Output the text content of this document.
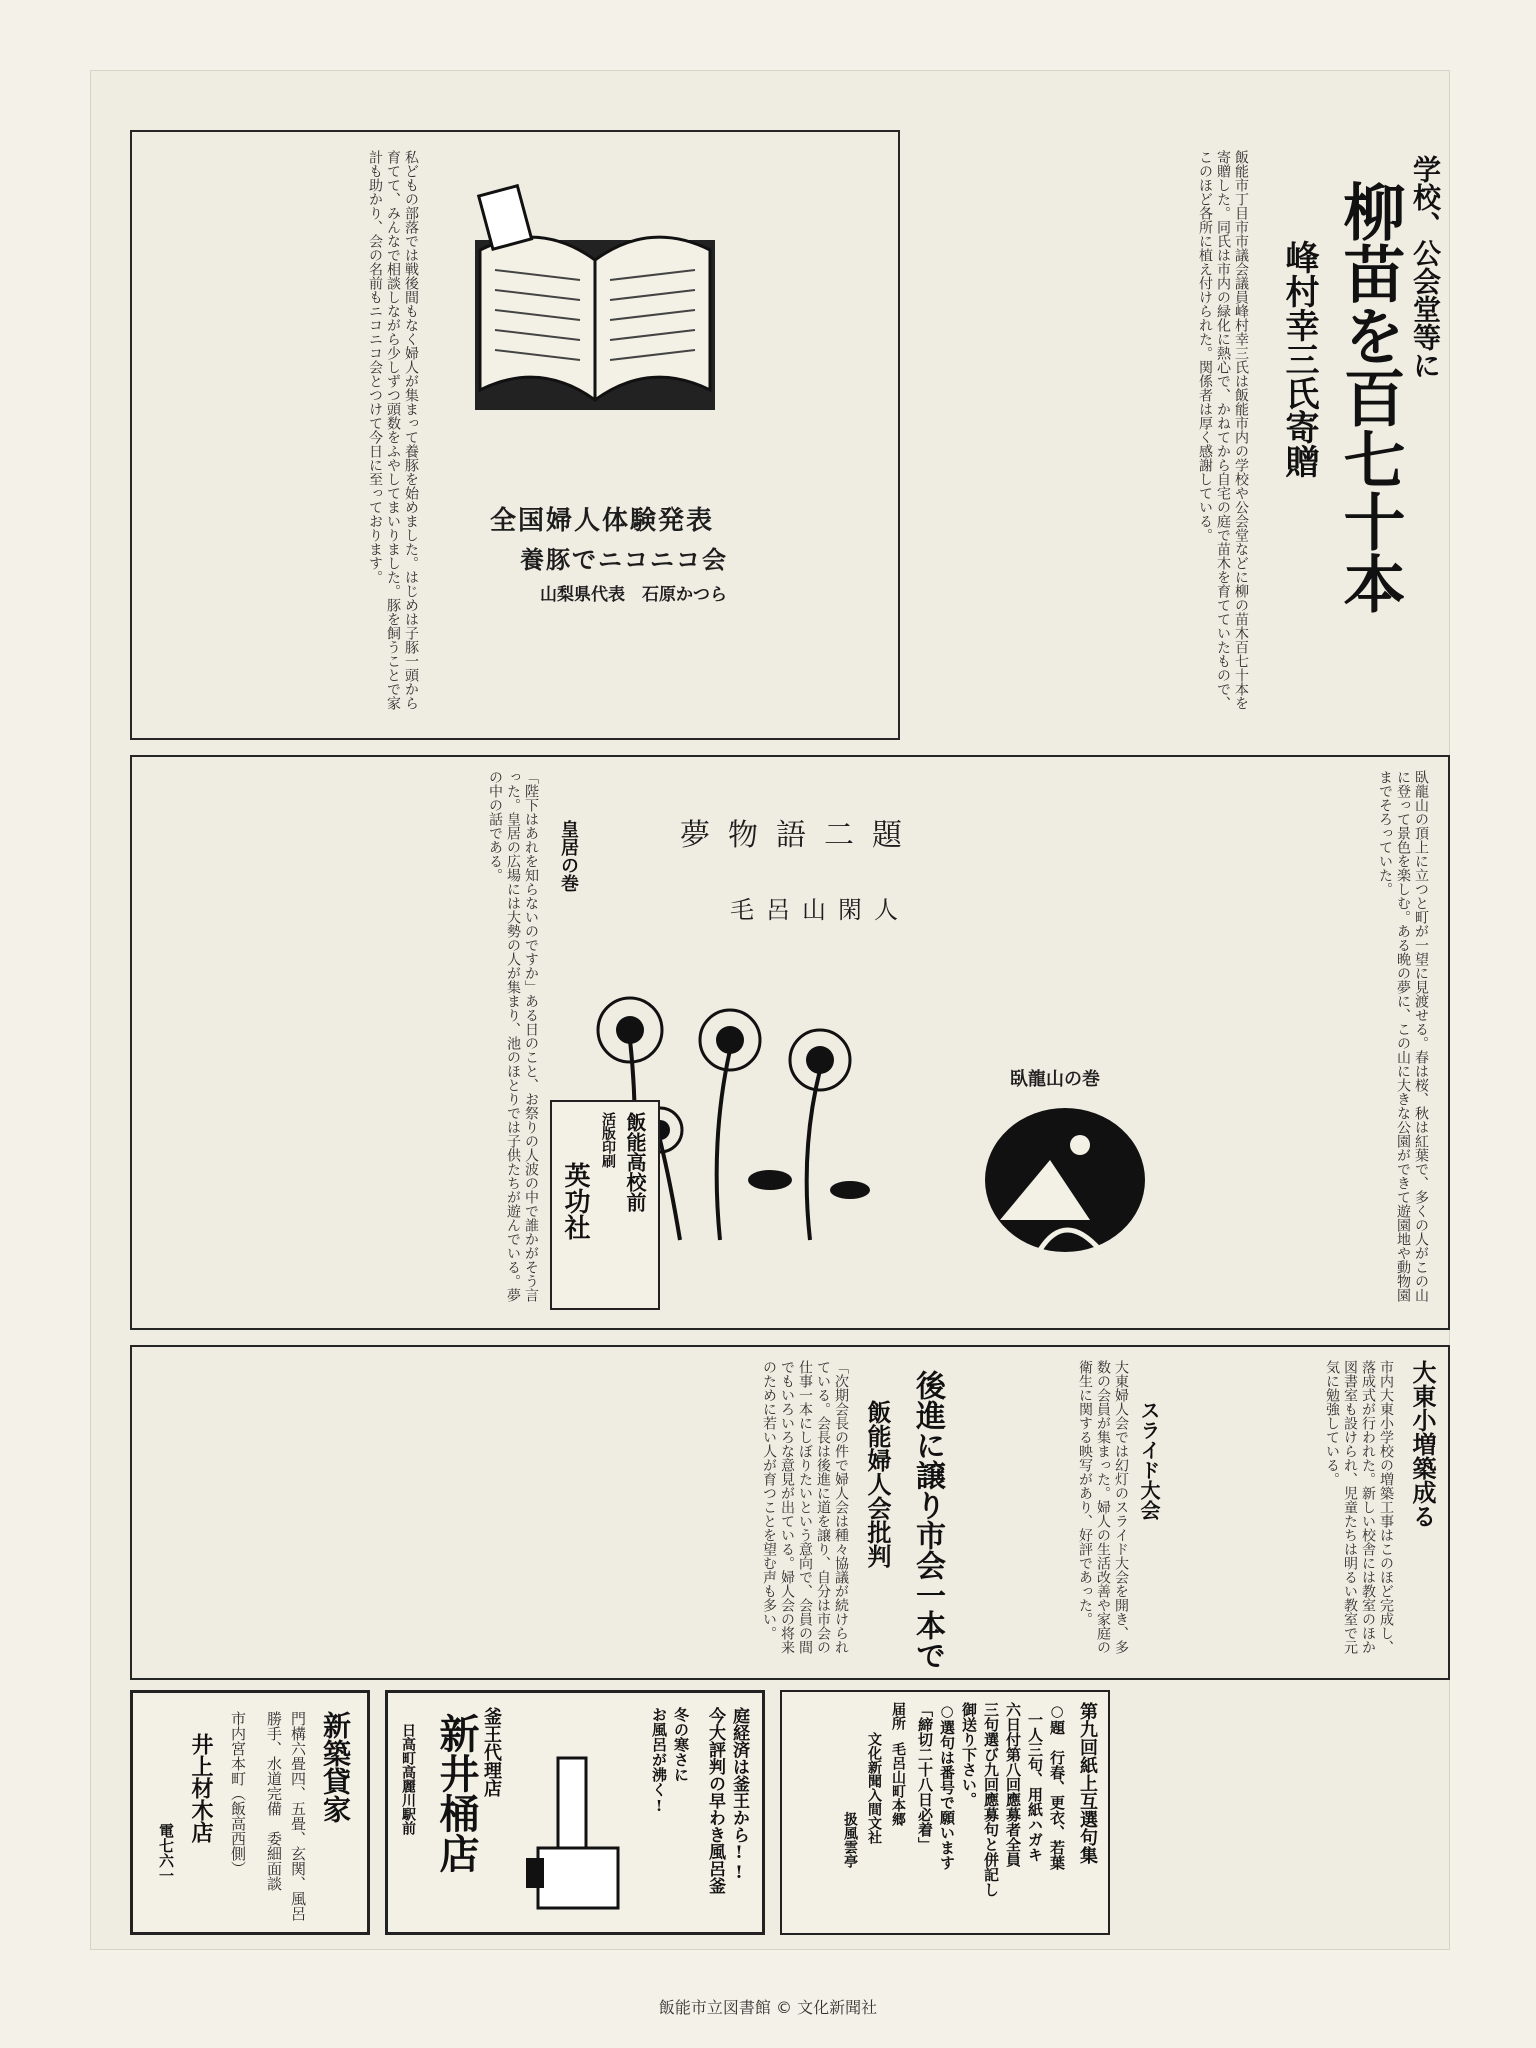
私どもの部落では戦後間もなく婦人が集まって養豚を始めました。はじめは子豚一頭から育てて、みんなで相談しながら少しずつ頭数をふやしてまいりました。豚を飼うことで家計も助かり、会の名前もニコニコ会とつけて今日に至っております。	全国婦人体験発表
養豚でニコニコ会
山梨県代表　石原かつら
学校、公会堂等に
柳苗を百七十本
峰村幸三氏寄贈
飯能市丁目市市議会議員峰村幸三氏は飯能市内の学校や公会堂などに柳の苗木百七十本を寄贈した。同氏は市内の緑化に熱心で、かねてから自宅の庭で苗木を育てていたもので、このほど各所に植え付けられた。関係者は厚く感謝している。
臥龍山の頂上に立つと町が一望に見渡せる。春は桜、秋は紅葉で、多くの人がこの山に登って景色を楽しむ。ある晩の夢に、この山に大きな公園ができて遊園地や動物園までそろっていた。
夢物語二題
毛呂山閑人
皇居の巻
「陛下はあれを知らないのですか」ある日のこと、お祭りの人波の中で誰かがそう言った。皇居の広場には大勢の人が集まり、池のほとりでは子供たちが遊んでいる。夢の中の話である。
臥龍山の巻
大東小増築成る
市内大東小学校の増築工事はこのほど完成し、落成式が行われた。新しい校舎には教室のほか図書室も設けられ、児童たちは明るい教室で元気に勉強している。
スライド大会
大東婦人会では幻灯のスライド大会を開き、多数の会員が集まった。婦人の生活改善や家庭の衛生に関する映写があり、好評であった。
後進に譲り市会一本で
飯能婦人会批判
「次期会長の件で婦人会は種々協議が続けられている。会長は後進に道を譲り、自分は市会の仕事一本にしぼりたいという意向で、会員の間でもいろいろな意見が出ている。婦人会の将来のために若い人が育つことを望む声も多い。
新築貸家
門構六畳四、五畳、玄関、風呂
勝手、水道完備　委細面談
市内宮本町（飯高西側）
井上材木店
電七六一	庭経済は釜王から!!
今大評判の早わき風呂釜
冬の寒さに
お風呂が沸く!
釜王代理店
新井桶店
日高町高麗川駅前	第九回紙上互選句集
○題　行春、更衣、若葉
一人三句、用紙ハガキ
六日付第八回應募者全員
三句選び九回應募句と併記し
御送り下さい。
○選句は番号で願います
「締切二十八日必着」
届所
毛呂山町本郷
文化新聞入間文社
扱風雲亭
飯能高校前
活版印刷
英功社
飯能市立図書館 © 文化新聞社
